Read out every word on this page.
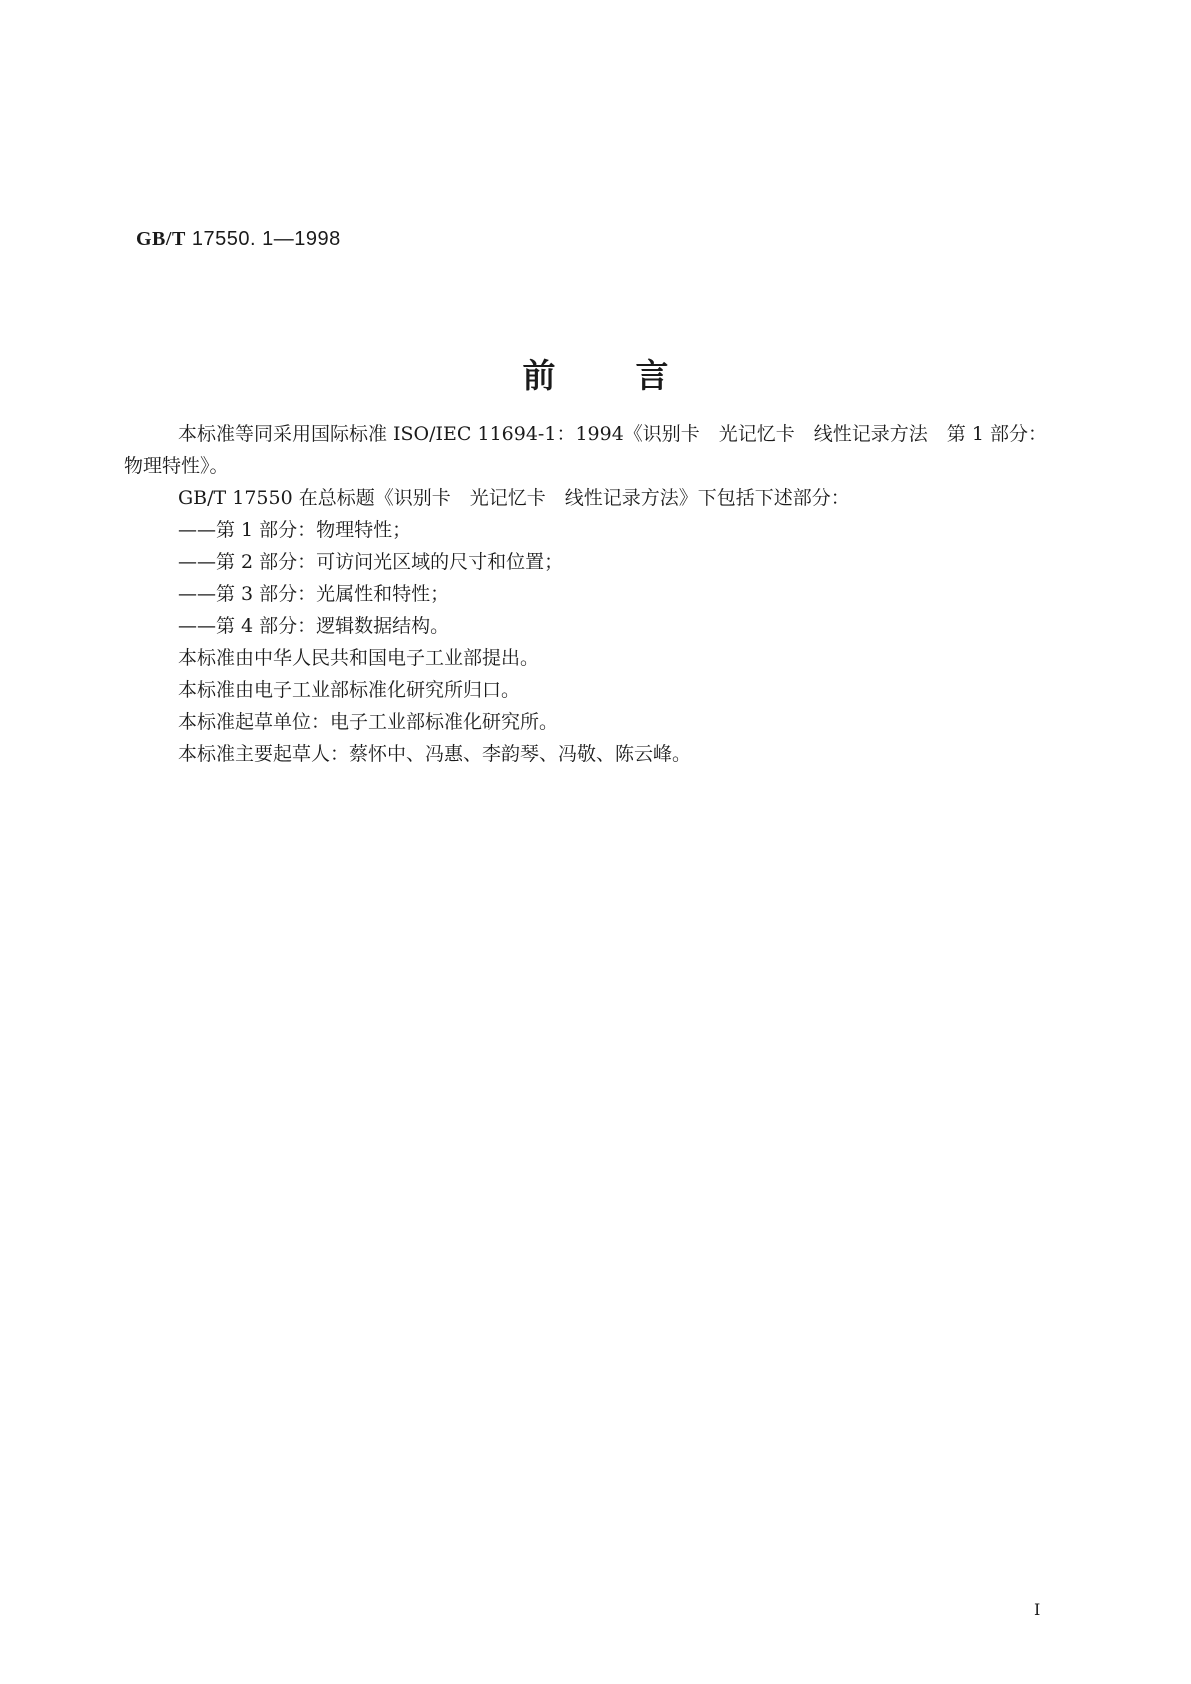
GB/T 17550. 1—1998
前言

本标准等同采用国际标准 ISO/IEC 11694-1：1994《识别卡　光记忆卡　线性记录方法　第 1 部分：物理特性》。

GB/T 17550 在总标题《识别卡　光记忆卡　线性记录方法》下包括下述部分：

——第 1 部分：物理特性；

——第 2 部分：可访问光区域的尺寸和位置；

——第 3 部分：光属性和特性；

——第 4 部分：逻辑数据结构。

本标准由中华人民共和国电子工业部提出。

本标准由电子工业部标准化研究所归口。

本标准起草单位：电子工业部标准化研究所。

本标准主要起草人：蔡怀中、冯惠、李韵琴、冯敬、陈云峰。

I
